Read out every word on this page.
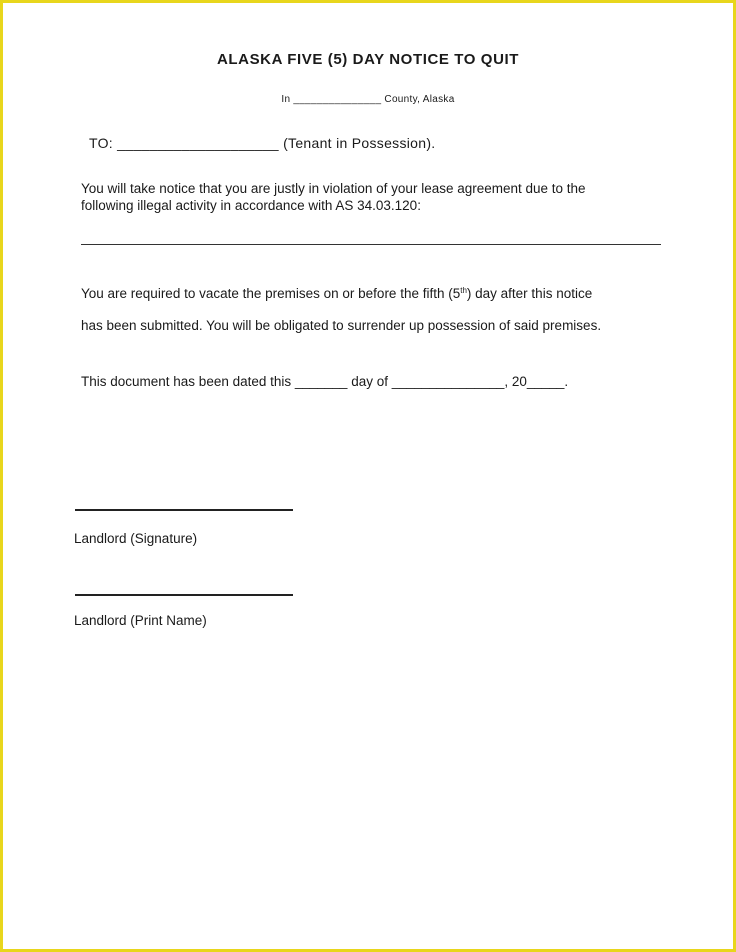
ALASKA FIVE (5) DAY NOTICE TO QUIT

In _______________ County, Alaska

TO: ____________________ (Tenant in Possession).

You will take notice that you are justly in violation of your lease agreement due to the

following illegal activity in accordance with AS 34.03.120:

You are required to vacate the premises on or before the fifth (5th) day after this notice

has been submitted. You will be obligated to surrender up possession of said premises.

This document has been dated this _______ day of _______________, 20_____.

Landlord (Signature)

Landlord (Print Name)
